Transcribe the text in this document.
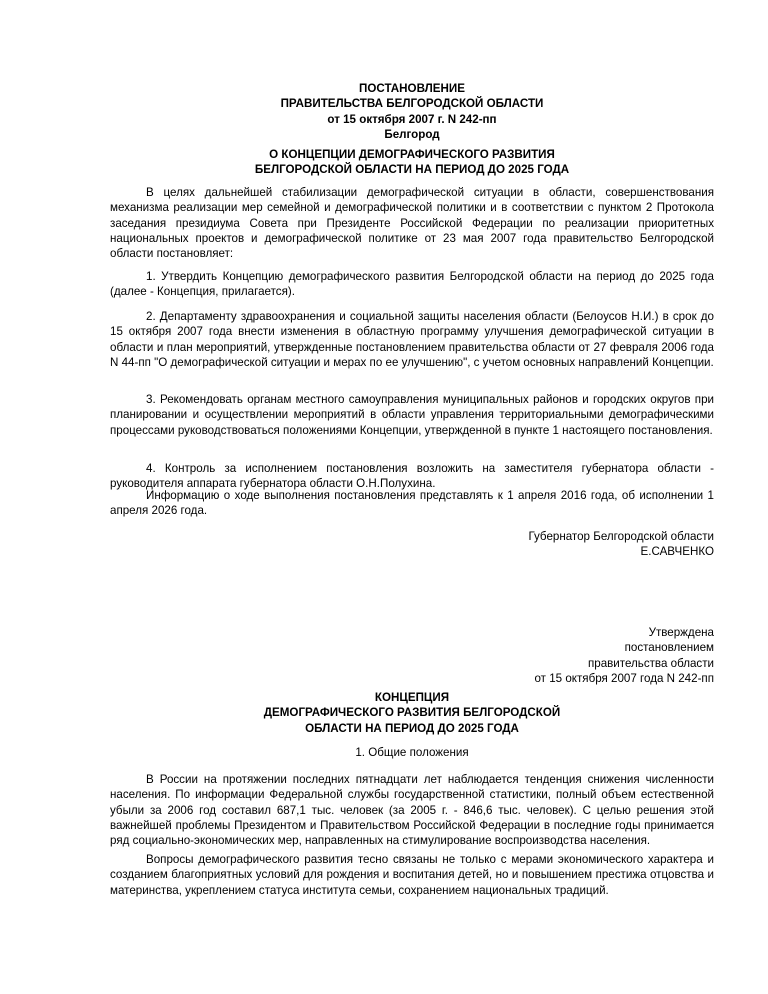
ПОСТАНОВЛЕНИЕ
ПРАВИТЕЛЬСТВА БЕЛГОРОДСКОЙ ОБЛАСТИ
от 15 октября 2007 г. N 242-пп
Белгород
О КОНЦЕПЦИИ ДЕМОГРАФИЧЕСКОГО РАЗВИТИЯ
БЕЛГОРОДСКОЙ ОБЛАСТИ НА ПЕРИОД ДО 2025 ГОДА

В целях дальнейшей стабилизации демографической ситуации в области, совершенствования механизма реализации мер семейной и демографической политики и в соответствии с пунктом 2 Протокола заседания президиума Совета при Президенте Российской Федерации по реализации приоритетных национальных проектов и демографической политике от 23 мая 2007 года правительство Белгородской области постановляет:

1. Утвердить Концепцию демографического развития Белгородской области на период до 2025 года (далее - Концепция, прилагается).

2. Департаменту здравоохранения и социальной защиты населения области (Белоусов Н.И.) в срок до 15 октября 2007 года внести изменения в областную программу улучшения демографической ситуации в области и план мероприятий, утвержденные постановлением правительства области от 27 февраля 2006 года N 44-пп "О демографической ситуации и мерах по ее улучшению", с учетом основных направлений Концепции.

3. Рекомендовать органам местного самоуправления муниципальных районов и городских округов при планировании и осуществлении мероприятий в области управления территориальными демографическими процессами руководствоваться положениями Концепции, утвержденной в пункте 1 настоящего постановления.

4. Контроль за исполнением постановления возложить на заместителя губернатора области - руководителя аппарата губернатора области О.Н.Полухина.

Информацию о ходе выполнения постановления представлять к 1 апреля 2016 года, об исполнении 1 апреля 2026 года.

Губернатор Белгородской области
Е.САВЧЕНКО
Утверждена
постановлением
правительства области
от 15 октября 2007 года N 242-пп
КОНЦЕПЦИЯ
ДЕМОГРАФИЧЕСКОГО РАЗВИТИЯ БЕЛГОРОДСКОЙ
ОБЛАСТИ НА ПЕРИОД ДО 2025 ГОДА
1. Общие положения

В России на протяжении последних пятнадцати лет наблюдается тенденция снижения численности населения. По информации Федеральной службы государственной статистики, полный объем естественной убыли за 2006 год составил 687,1 тыс. человек (за 2005 г. - 846,6 тыс. человек). С целью решения этой важнейшей проблемы Президентом и Правительством Российской Федерации в последние годы принимается ряд социально-экономических мер, направленных на стимулирование воспроизводства населения.

Вопросы демографического развития тесно связаны не только с мерами экономического характера и созданием благоприятных условий для рождения и воспитания детей, но и повышением престижа отцовства и материнства, укреплением статуса института семьи, сохранением национальных традиций.
